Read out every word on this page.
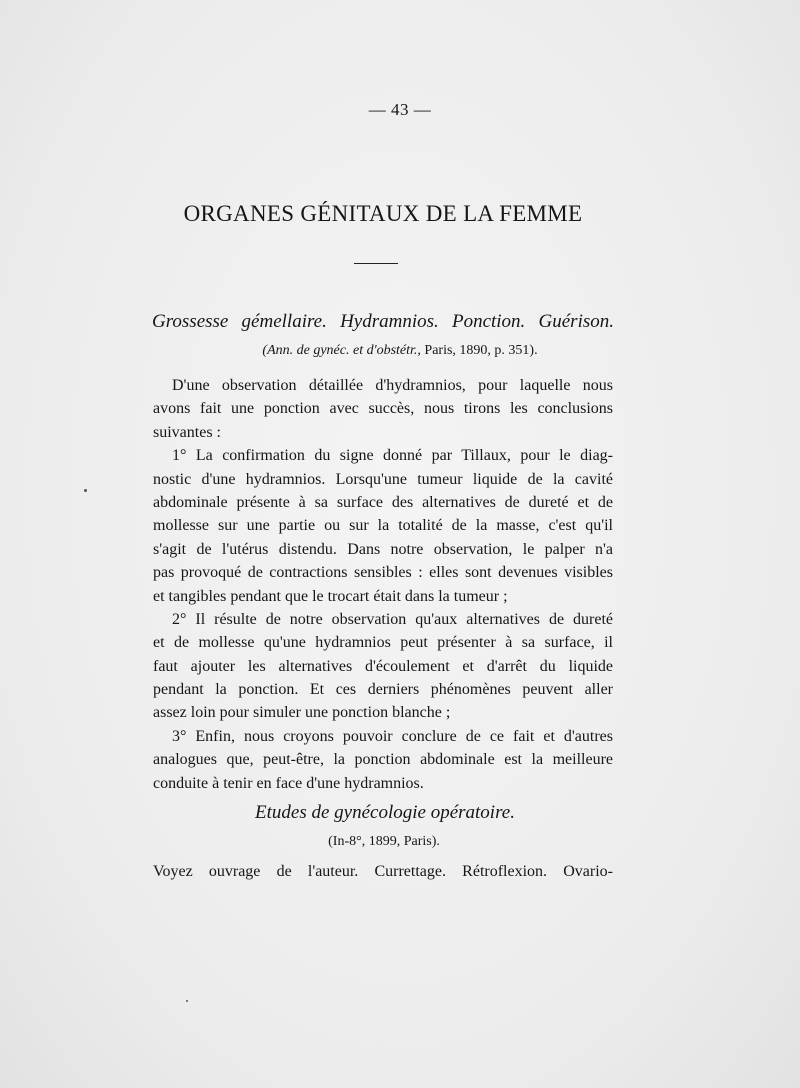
— 43 —
ORGANES GÉNITAUX DE LA FEMME
Grossesse gémellaire. Hydramnios. Ponction. Guérison.
(Ann. de gynéc. et d'obstétr., Paris, 1890, p. 351).
D'une observation détaillée d'hydramnios, pour laquelle nous
avons fait une ponction avec succès, nous tirons les conclusions
suivantes :
1° La confirmation du signe donné par Tillaux, pour le diag-
nostic d'une hydramnios. Lorsqu'une tumeur liquide de la cavité
abdominale présente à sa surface des alternatives de dureté et de
mollesse sur une partie ou sur la totalité de la masse, c'est qu'il
s'agit de l'utérus distendu. Dans notre observation, le palper n'a
pas provoqué de contractions sensibles : elles sont devenues visibles
et tangibles pendant que le trocart était dans la tumeur ;
2° Il résulte de notre observation qu'aux alternatives de dureté
et de mollesse qu'une hydramnios peut présenter à sa surface, il
faut ajouter les alternatives d'écoulement et d'arrêt du liquide
pendant la ponction. Et ces derniers phénomènes peuvent aller
assez loin pour simuler une ponction blanche ;
3° Enfin, nous croyons pouvoir conclure de ce fait et d'autres
analogues que, peut-être, la ponction abdominale est la meilleure
conduite à tenir en face d'une hydramnios.
Etudes de gynécologie opératoire.
(In-8°, 1899, Paris).
Voyez ouvrage de l'auteur. Currettage. Rétroflexion. Ovario-
